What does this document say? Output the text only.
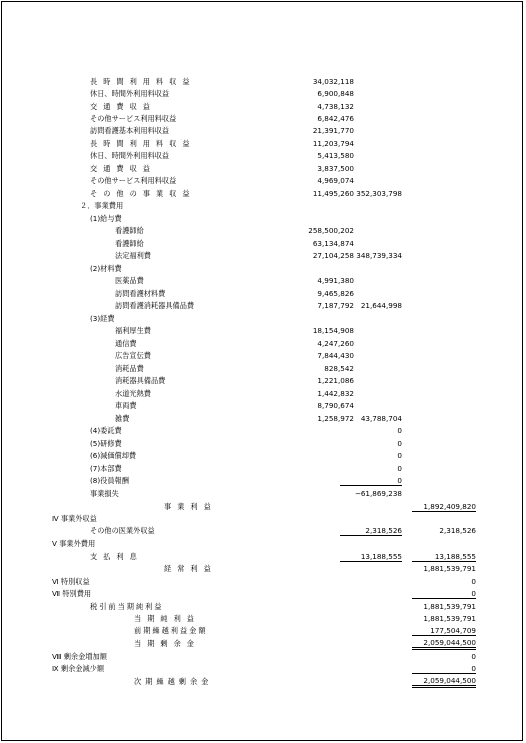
長時間利用料収益	34,032,118
休日、時間外利用料収益	6,900,848
交通費収益	4,738,132
その他サービス利用料収益	6,842,476
訪問看護基本利用料収益	21,391,770
長時間利用料収益	11,203,794
休日、時間外利用料収益	5,413,580
交通費収益	3,837,500
その他サービス利用料収益	4,969,074
その他の事業収益	11,495,260 352,303,798
２．事業費用
(1)給与費
看護師給	258,500,202
看護師給	63,134,874
法定福利費	27,104,258 348,739,334
(2)材料費
医薬品費	4,991,380
訪問看護材料費	9,465,826
訪問看護消耗器具備品費	7,187,792 21,644,998
(3)経費
福利厚生費	18,154,908
通信費	4,247,260
広告宣伝費	7,844,430
消耗品費	828,542
消耗器具備品費	1,221,086
水道光熱費	1,442,832
車両費	8,790,674
雑費	1,258,972 43,788,704
(4)委託費	0
(5)研修費	0
(6)減価償却費	0
(7)本部費	0
(8)役員報酬	0
事業損失	−61,869,238
事業利益	1,892,409,820
Ⅳ 事業外収益
その他の医業外収益	2,318,526	2,318,526
Ⅴ 事業外費用
支払利息	13,188,555	13,188,555
経常利益	1,881,539,791
Ⅵ 特別収益	0
Ⅶ 特別費用	0
税引前当期純利益	1,881,539,791
当期純利益	1,881,539,791
前期繰越利益金額	177,504,709
当期剰余金	2,059,044,500
Ⅷ 剰余金増加額	0
Ⅸ 剰余金減少額	0
次期繰越剰余金	2,059,044,500
